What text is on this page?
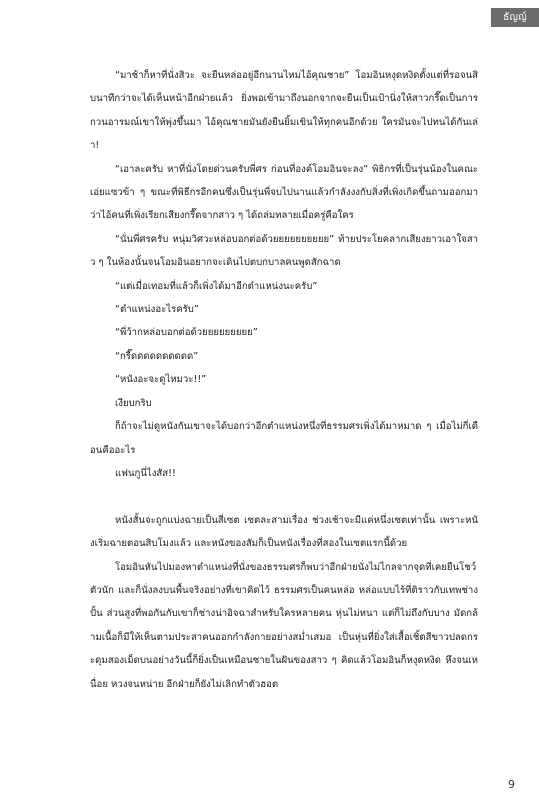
ธัญญ์

“มาช้าก็หาที่นั่งสิวะ จะยืนหล่ออยู่อีกนานไหมไอ้คุณชาย” โอมอินหงุดหงิดตั้งแต่ที่รอจนสิบนาทีกว่าจะได้เห็นหน้าอีกฝ่ายแล้ว ยิ่งพอเข้ามาถึงนอกจากจะยืนเป็นเป้านิ่งให้สาวกรี๊ดเป็นการกวนอารมณ์เขาให้พุ่งขึ้นมา ไอ้คุณชายมันยังยืนยิ้มเขินให้ทุกคนอีกด้วย ใครมันจะไปทนได้กันเล่า!

“เอาละครับ หาที่นั่งโดยด่วนครับพี่ศร ก่อนที่องค์โอมอินจะลง” พิธิกรที่เป็นรุ่นน้องในคณะเอ่ยแซวข้า ๆ ขณะที่พิธีกรอีกคนซึ่งเป็นรุ่นพี่จบไปนานแล้วกำลังงงกับสิ่งที่เพิ่งเกิดขึ้นถามออกมาว่าไอ้คนที่เพิ่งเรียกเสียงกรี๊ดจากสาว ๆ ได้ถล่มทลายเมื่อครู่คือใคร

“นั่นพี่ศรครับ หนุ่มวิศวะหล่อบอกต่อด้วยยยยยยยยยย” ท้ายประโยคลากเสียงยาวเอาใจสาว ๆ ในห้องนั้นจนโอมอินอยากจะเดินไปตบกบาลคนพูดสักฉาด

“แต่เมื่อเทอมที่แล้วก็เพิ่งได้มาอีกตำแหน่งนะครับ”

“ตำแหน่งอะไรครับ”

“พี่ว้ากหล่อบอกต่อด้วยยยยยยยยย”

“กรี๊ดดดดดดดดดด”

“หนังอะจะดูไหมวะ!!”

เงียบกริบ

ก็ถ้าจะไม่ดูหนังกันเขาจะได้บอกว่าอีกตำแหน่งหนึ่งที่ธรรมศรเพิ่งได้มาหมาด ๆ เมื่อไม่กี่เดือนคืออะไร

แฟนกูนี่ไงสัส!!

หนังสั้นจะถูกแบ่งฉายเป็นสี่เซต เซตละสามเรื่อง ช่วงเช้าจะมีแค่หนึ่งเซตเท่านั้น เพราะหนังเริ่มฉายตอนสิบโมงแล้ว และหนังของสัมก็เป็นหนังเรื่องที่สองในเซตแรกนี้ด้วย

โอมอินหันไปมองหาตำแหน่งที่นั่งของธรรมศรก็พบว่าอีกฝ่ายนั่งไม่ไกลจากจุดที่เคยยืนโชว์ตัวนัก และก็นั่งลงบนพื้นจริงอย่างที่เขาคิดไว้ ธรรมศรเป็นคนหล่อ หล่อแบบไร้ที่ติราวกับเทพช่างปั้น ส่วนสูงที่พอกันกับเขาก็ช่างน่าอิจฉาสำหรับใครหลายคน หุ่นไม่หนา แต่ก็ไม่ถึงกับบาง มัดกล้ามเนื้อก็มีให้เห็นตามประสาคนออกกำลังกายอย่างสม่ำเสมอ เป็นหุ่นที่ยิ่งใส่เสื้อเชิ้ตสีขาวปลดกระดุมสองเม็ดบนอย่างวันนี้ก็ยิ่งเป็นเหมือนชายในฝันของสาว ๆ คิดแล้วโอมอินก็หงุดหงิด หึงจนเหนื่อย หวงจนหน่าย อีกฝ่ายก็ยังไม่เลิกทำตัวฮอต

9
